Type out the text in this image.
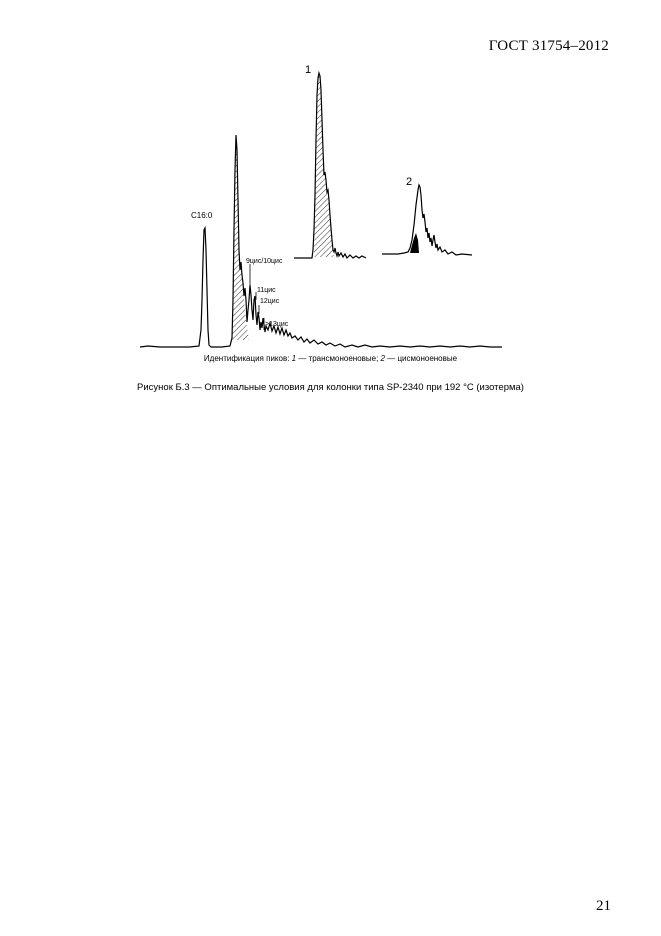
ГОСТ 31754–2012
C16:0
9цис/10цис
11цис
12цис
>13цис
1
2
Идентификация пиков: 1 — трансмоноеновые; 2 — цисмоноеновые
Рисунок Б.3 — Оптимальные условия для колонки типа SP-2340 при 192 °С (изотерма)
21
